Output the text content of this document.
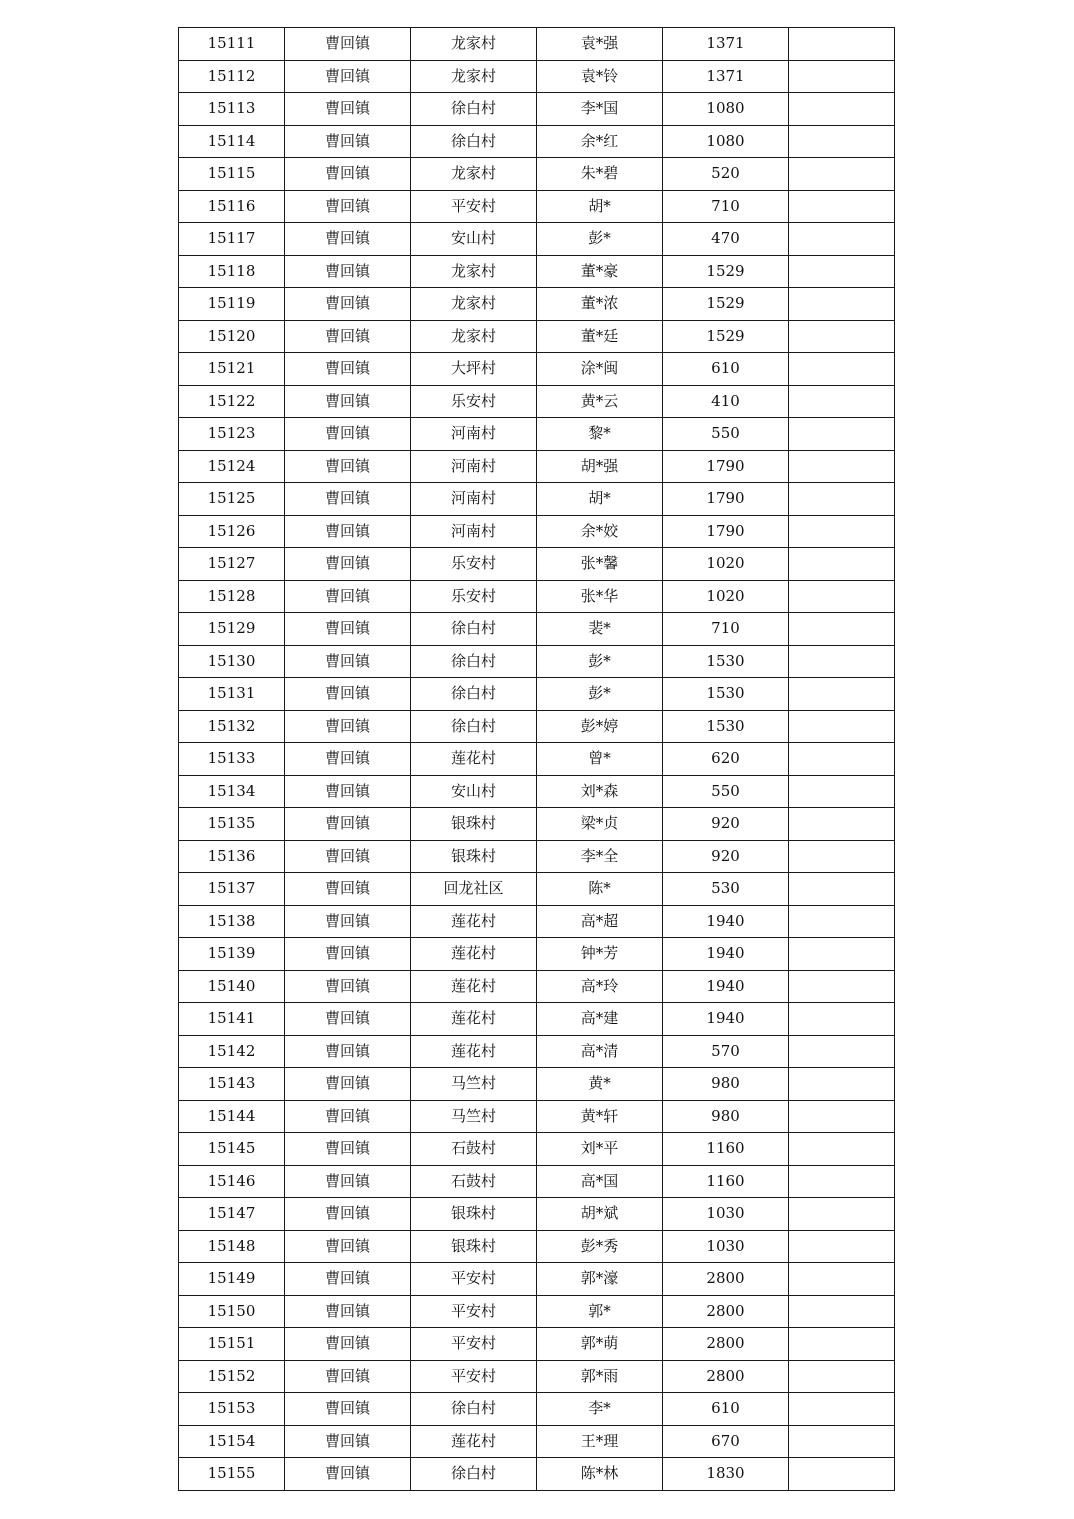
15111	曹回镇	龙家村	袁*强	1371	
15112	曹回镇	龙家村	袁*铃	1371	
15113	曹回镇	徐白村	李*国	1080	
15114	曹回镇	徐白村	余*红	1080	
15115	曹回镇	龙家村	朱*碧	520	
15116	曹回镇	平安村	胡*	710	
15117	曹回镇	安山村	彭*	470	
15118	曹回镇	龙家村	董*豪	1529	
15119	曹回镇	龙家村	董*浓	1529	
15120	曹回镇	龙家村	董*廷	1529	
15121	曹回镇	大坪村	涂*闽	610	
15122	曹回镇	乐安村	黄*云	410	
15123	曹回镇	河南村	黎*	550	
15124	曹回镇	河南村	胡*强	1790	
15125	曹回镇	河南村	胡*	1790	
15126	曹回镇	河南村	余*姣	1790	
15127	曹回镇	乐安村	张*馨	1020	
15128	曹回镇	乐安村	张*华	1020	
15129	曹回镇	徐白村	裴*	710	
15130	曹回镇	徐白村	彭*	1530	
15131	曹回镇	徐白村	彭*	1530	
15132	曹回镇	徐白村	彭*婷	1530	
15133	曹回镇	莲花村	曾*	620	
15134	曹回镇	安山村	刘*森	550	
15135	曹回镇	银珠村	梁*贞	920	
15136	曹回镇	银珠村	李*全	920	
15137	曹回镇	回龙社区	陈*	530	
15138	曹回镇	莲花村	高*超	1940	
15139	曹回镇	莲花村	钟*芳	1940	
15140	曹回镇	莲花村	高*玲	1940	
15141	曹回镇	莲花村	高*建	1940	
15142	曹回镇	莲花村	高*清	570	
15143	曹回镇	马竺村	黄*	980	
15144	曹回镇	马竺村	黄*轩	980	
15145	曹回镇	石鼓村	刘*平	1160	
15146	曹回镇	石鼓村	高*国	1160	
15147	曹回镇	银珠村	胡*斌	1030	
15148	曹回镇	银珠村	彭*秀	1030	
15149	曹回镇	平安村	郭*濠	2800	
15150	曹回镇	平安村	郭*	2800	
15151	曹回镇	平安村	郭*萌	2800	
15152	曹回镇	平安村	郭*雨	2800	
15153	曹回镇	徐白村	李*	610	
15154	曹回镇	莲花村	王*理	670	
15155	曹回镇	徐白村	陈*林	1830	
